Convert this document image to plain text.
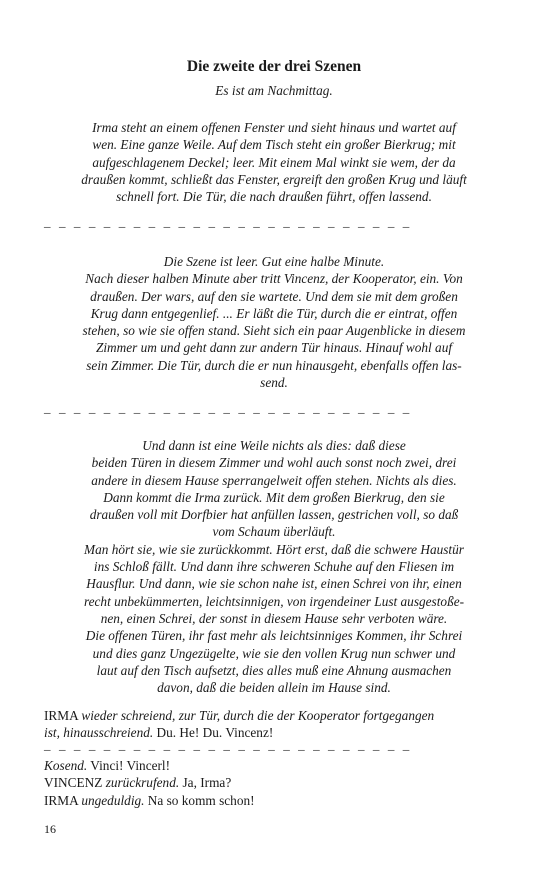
Die zweite der drei Szenen

Es ist am Nachmittag.

Irma steht an einem offenen Fenster und sieht hinaus und wartet auf

wen. Eine ganze Weile. Auf dem Tisch steht ein großer Bierkrug; mit

aufgeschlagenem Deckel; leer. Mit einem Mal winkt sie wem, der da

draußen kommt, schließt das Fenster, ergreift den großen Krug und läuft

schnell fort. Die Tür, die nach draußen führt, offen lassend.

_ _ _ _ _ _ _ _ _ _ _ _ _ _ _ _ _ _ _ _ _ _ _ _ _

Die Szene ist leer. Gut eine halbe Minute.

Nach dieser halben Minute aber tritt Vincenz, der Kooperator, ein. Von

draußen. Der wars, auf den sie wartete. Und dem sie mit dem großen

Krug dann entgegenlief. ... Er läßt die Tür, durch die er eintrat, offen

stehen, so wie sie offen stand. Sieht sich ein paar Augenblicke in diesem

Zimmer um und geht dann zur andern Tür hinaus. Hinauf wohl auf

sein Zimmer. Die Tür, durch die er nun hinausgeht, ebenfalls offen las-

send.

_ _ _ _ _ _ _ _ _ _ _ _ _ _ _ _ _ _ _ _ _ _ _ _ _

Und dann ist eine Weile nichts als dies: daß diese

beiden Türen in diesem Zimmer und wohl auch sonst noch zwei, drei

andere in diesem Hause sperrangelweit offen stehen. Nichts als dies.

Dann kommt die Irma zurück. Mit dem großen Bierkrug, den sie

draußen voll mit Dorfbier hat anfüllen lassen, gestrichen voll, so daß

vom Schaum überläuft.

Man hört sie, wie sie zurückkommt. Hört erst, daß die schwere Haustür

ins Schloß fällt. Und dann ihre schweren Schuhe auf den Fliesen im

Hausflur. Und dann, wie sie schon nahe ist, einen Schrei von ihr, einen

recht unbekümmerten, leichtsinnigen, von irgendeiner Lust ausgestoße-

nen, einen Schrei, der sonst in diesem Hause sehr verboten wäre.

Die offenen Türen, ihr fast mehr als leichtsinniges Kommen, ihr Schrei

und dies ganz Ungezügelte, wie sie den vollen Krug nun schwer und

laut auf den Tisch aufsetzt, dies alles muß eine Ahnung ausmachen

davon, daß die beiden allein im Hause sind.

IRMA wieder schreiend, zur Tür, durch die der Kooperator fortgegangen

ist, hinausschreiend. Du. He! Du. Vincenz!

_ _ _ _ _ _ _ _ _ _ _ _ _ _ _ _ _ _ _ _ _ _ _ _ _

Kosend. Vinci! Vincerl!

VINCENZ zurückrufend. Ja, Irma?

IRMA ungeduldig. Na so komm schon!

16
